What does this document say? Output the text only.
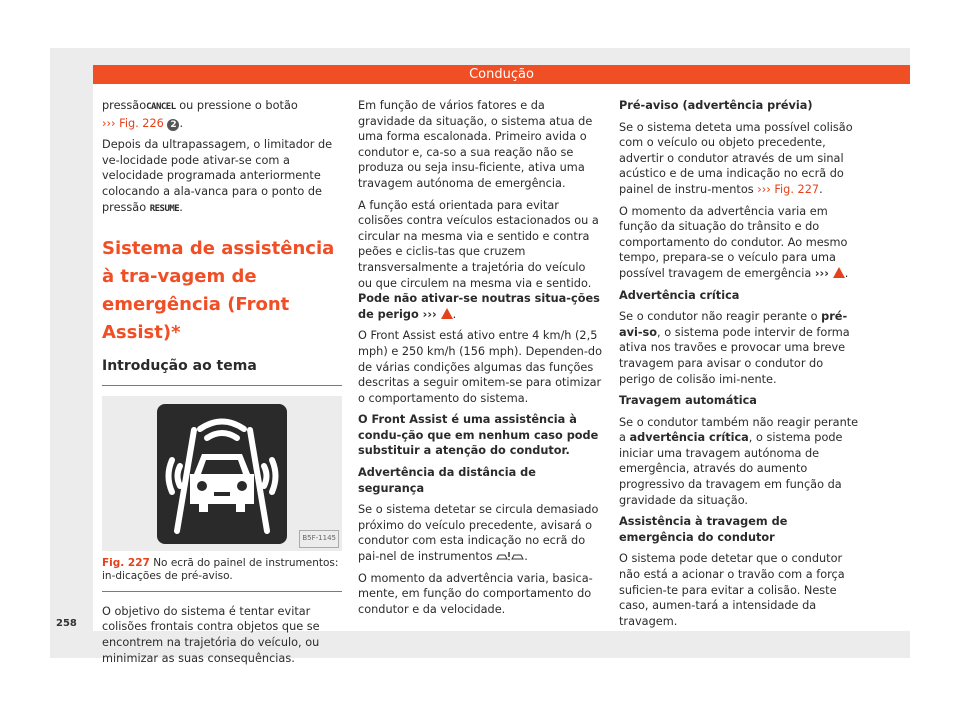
Condução
258

pressãoCANCEL ou pressione o botão
››› Fig. 226 2 .

Depois da ultrapassagem, o limitador de ve-locidade pode ativar-se com a velocidade programada anteriormente colocando a ala-vanca para o ponto de pressão RESUME.

Sistema de assistência à tra-vagem de emergência (Front Assist)*
Introdução ao tema
B5F-1145
Fig. 227 No ecrã do painel de instrumentos: in-dicações de pré-aviso.

O objetivo do sistema é tentar evitar colisões frontais contra objetos que se encontrem na trajetória do veículo, ou minimizar as suas consequências.

Em função de vários fatores e da gravidade da situação, o sistema atua de uma forma escalonada. Primeiro avida o condutor e, ca-so a sua reação não se produza ou seja insu-ficiente, ativa uma travagem autónoma de emergência.

A função está orientada para evitar colisões contra veículos estacionados ou a circular na mesma via e sentido e contra peões e ciclis-tas que cruzem transversalmente a trajetória do veículo ou que circulem na mesma via e sentido. Pode não ativar-se noutras situa-ções de perigo ››› .

O Front Assist está ativo entre 4 km/h (2,5 mph) e 250 km/h (156 mph). Dependen-do de várias condições algumas das funções descritas a seguir omitem-se para otimizar o comportamento do sistema.

O Front Assist é uma assistência à condu-ção que em nenhum caso pode substituir a atenção do condutor.

Advertência da distância de segurança

Se o sistema detetar se circula demasiado próximo do veículo precedente, avisará o condutor com esta indicação no ecrã do pai-nel de instrumentos	.

O momento da advertência varia, basica-mente, em função do comportamento do condutor e da velocidade.

Pré-aviso (advertência prévia)

Se o sistema deteta uma possível colisão com o veículo ou objeto precedente, advertir o condutor através de um sinal acústico e de uma indicação no ecrã do painel de instru-mentos ››› Fig. 227.

O momento da advertência varia em função da situação do trânsito e do comportamento do condutor. Ao mesmo tempo, prepara-se o veículo para uma possível travagem de emergência ››› .

Advertência crítica

Se o condutor não reagir perante o pré-avi-so, o sistema pode intervir de forma ativa nos travões e provocar uma breve travagem para avisar o condutor do perigo de colisão imi-nente.

Travagem automática

Se o condutor também não reagir perante a advertência crítica, o sistema pode iniciar uma travagem autónoma de emergência, através do aumento progressivo da travagem em função da gravidade da situação.

Assistência à travagem de emergência do condutor

O sistema pode detetar que o condutor não está a acionar o travão com a força suficien-te para evitar a colisão. Neste caso, aumen-tará a intensidade da travagem.
